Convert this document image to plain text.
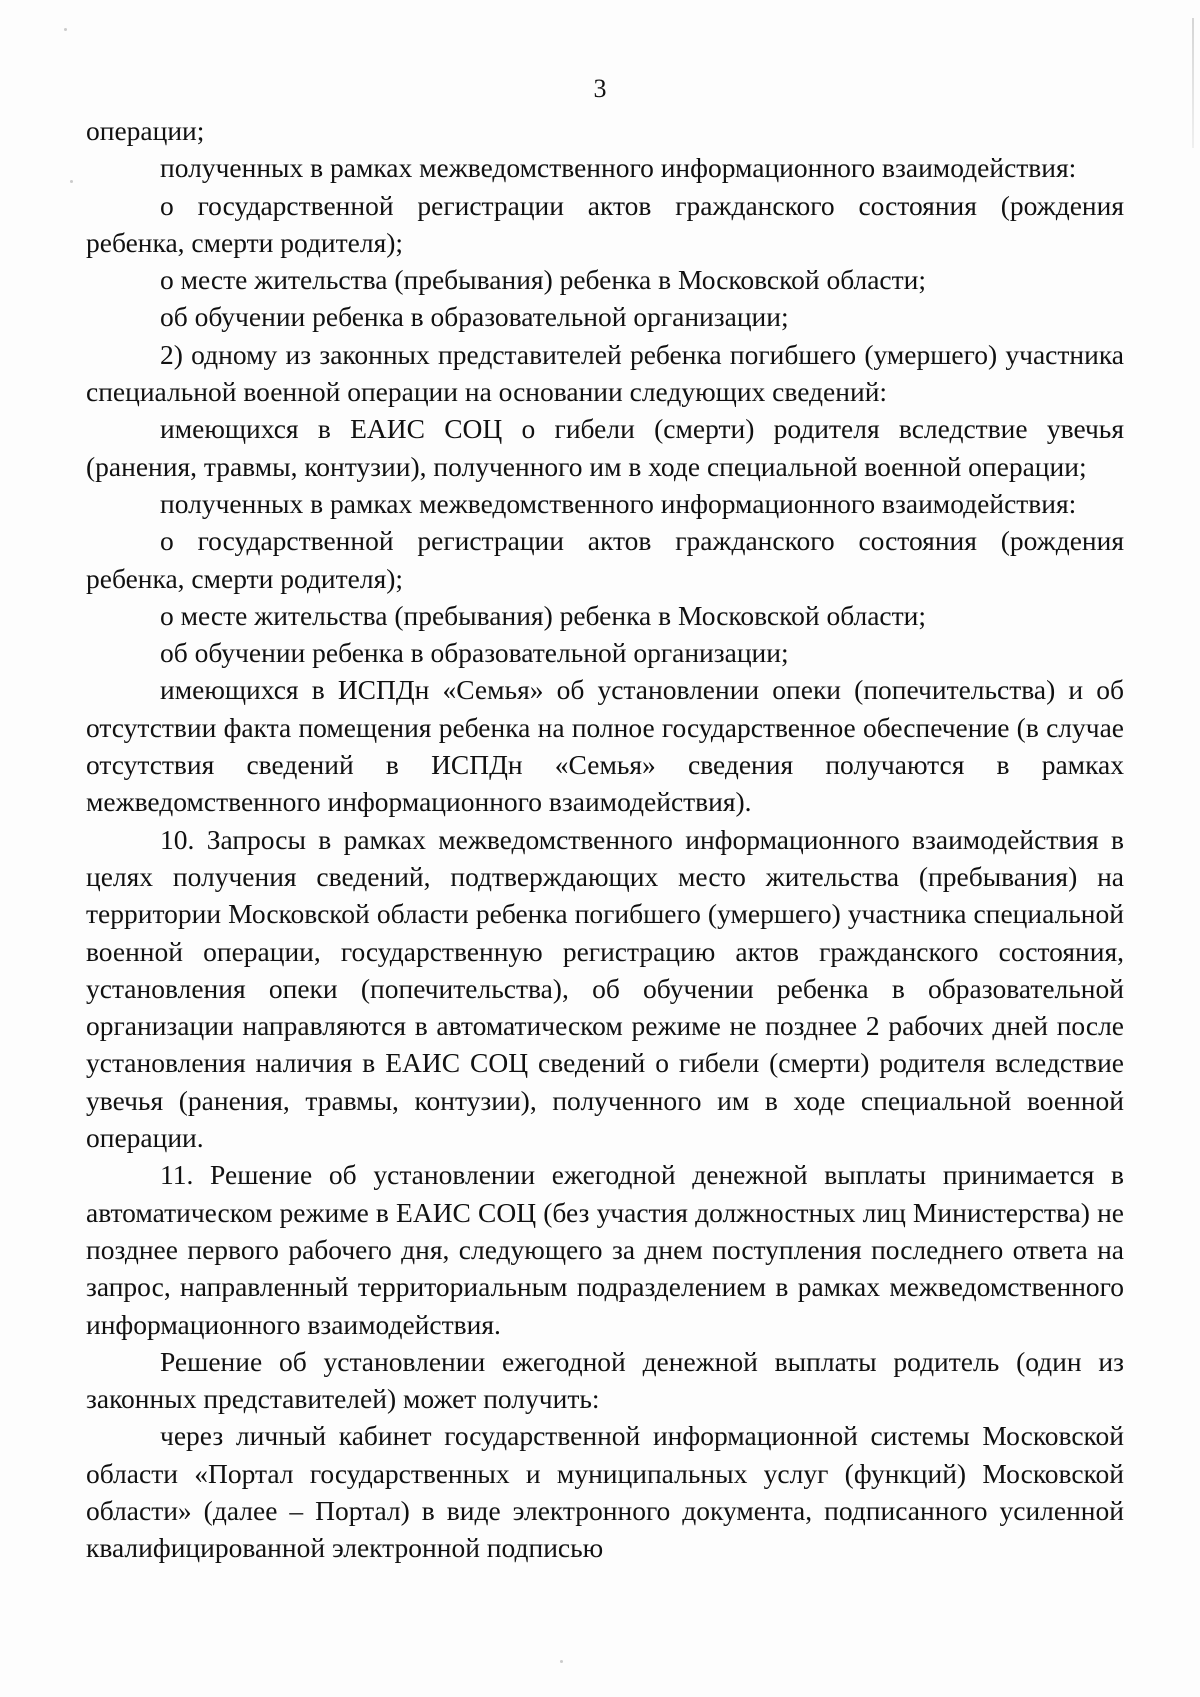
3

операции;

полученных в рамках межведомственного информационного взаимодействия:

о государственной регистрации актов гражданского состояния (рождения ребенка, смерти родителя);

о месте жительства (пребывания) ребенка в Московской области;

об обучении ребенка в образовательной организации;

2) одному из законных представителей ребенка погибшего (умершего) участника специальной военной операции на основании следующих сведений:

имеющихся в ЕАИС СОЦ о гибели (смерти) родителя вследствие увечья (ранения, травмы, контузии), полученного им в ходе специальной военной операции;

полученных в рамках межведомственного информационного взаимодействия:

о государственной регистрации актов гражданского состояния (рождения ребенка, смерти родителя);

о месте жительства (пребывания) ребенка в Московской области;

об обучении ребенка в образовательной организации;

имеющихся в ИСПДн «Семья» об установлении опеки (попечительства) и об отсутствии факта помещения ребенка на полное государственное обеспечение (в случае отсутствия сведений в ИСПДн «Семья» сведения получаются в рамках межведомственного информационного взаимодействия).

10. Запросы в рамках межведомственного информационного взаимодействия в целях получения сведений, подтверждающих место жительства (пребывания) на территории Московской области ребенка погибшего (умершего) участника специальной военной операции, государственную регистрацию актов гражданского состояния, установления опеки (попечительства), об обучении ребенка в образовательной организации направляются в автоматическом режиме не позднее 2 рабочих дней после установления наличия в ЕАИС СОЦ сведений о гибели (смерти) родителя вследствие увечья (ранения, травмы, контузии), полученного им в ходе специальной военной операции.

11. Решение об установлении ежегодной денежной выплаты принимается в автоматическом режиме в ЕАИС СОЦ (без участия должностных лиц Министерства) не позднее первого рабочего дня, следующего за днем поступления последнего ответа на запрос, направленный территориальным подразделением в рамках межведомственного информационного взаимодействия.

Решение об установлении ежегодной денежной выплаты родитель (один из законных представителей) может получить:

через личный кабинет государственной информационной системы Московской области «Портал государственных и муниципальных услуг (функций) Московской области» (далее – Портал) в виде электронного документа, подписанного усиленной квалифицированной электронной подписью
